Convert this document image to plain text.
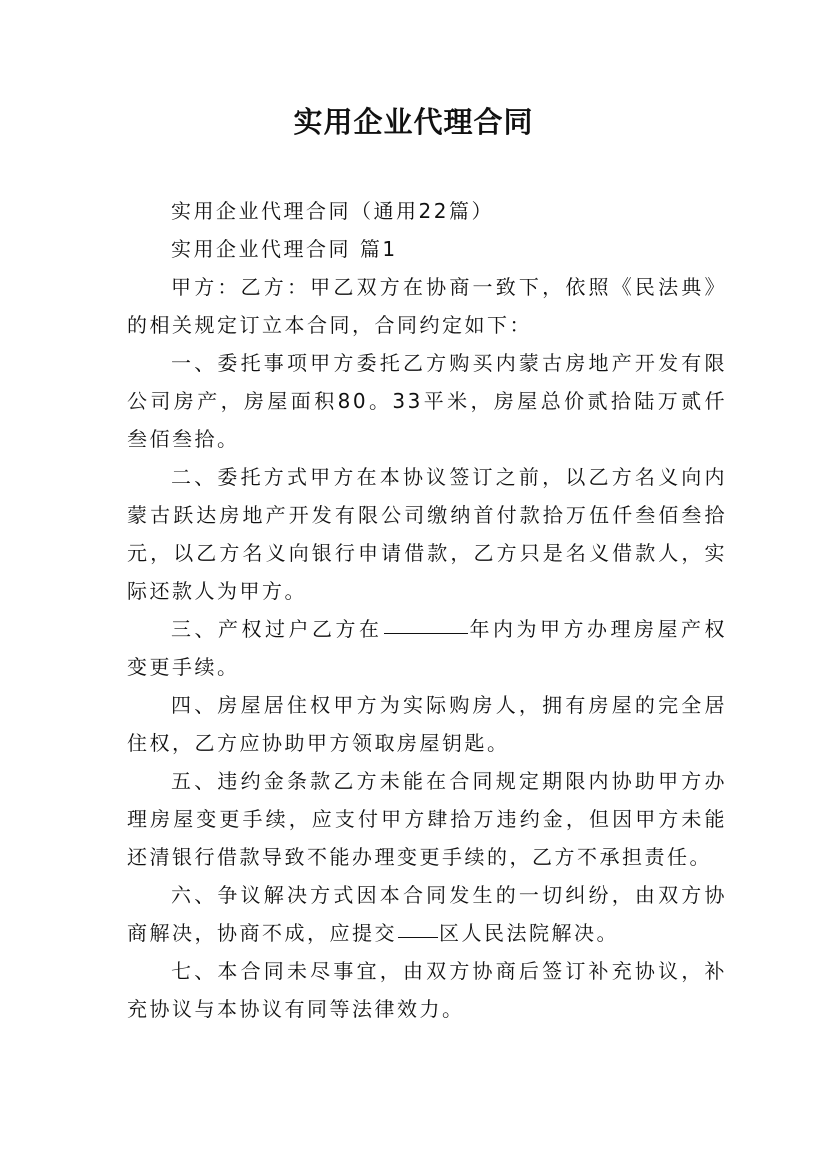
实用企业代理合同

实用企业代理合同（通用22篇）

实用企业代理合同 篇1

甲方：乙方：甲乙双方在协商一致下，依照《民法典》的相关规定订立本合同，合同约定如下：

一、委托事项甲方委托乙方购买内蒙古房地产开发有限公司房产，房屋面积80。33平米，房屋总价贰拾陆万贰仟叁佰叁拾。

二、委托方式甲方在本协议签订之前，以乙方名义向内蒙古跃达房地产开发有限公司缴纳首付款拾万伍仟叁佰叁拾元，以乙方名义向银行申请借款，乙方只是名义借款人，实际还款人为甲方。

三、产权过户乙方在	年内为甲方办理房屋产权变更手续。

四、房屋居住权甲方为实际购房人，拥有房屋的完全居住权，乙方应协助甲方领取房屋钥匙。

五、违约金条款乙方未能在合同规定期限内协助甲方办理房屋变更手续，应支付甲方肆拾万违约金，但因甲方未能还清银行借款导致不能办理变更手续的，乙方不承担责任。

六、争议解决方式因本合同发生的一切纠纷，由双方协商解决，协商不成，应提交 区人民法院解决。

七、本合同未尽事宜，由双方协商后签订补充协议，补充协议与本协议有同等法律效力。
